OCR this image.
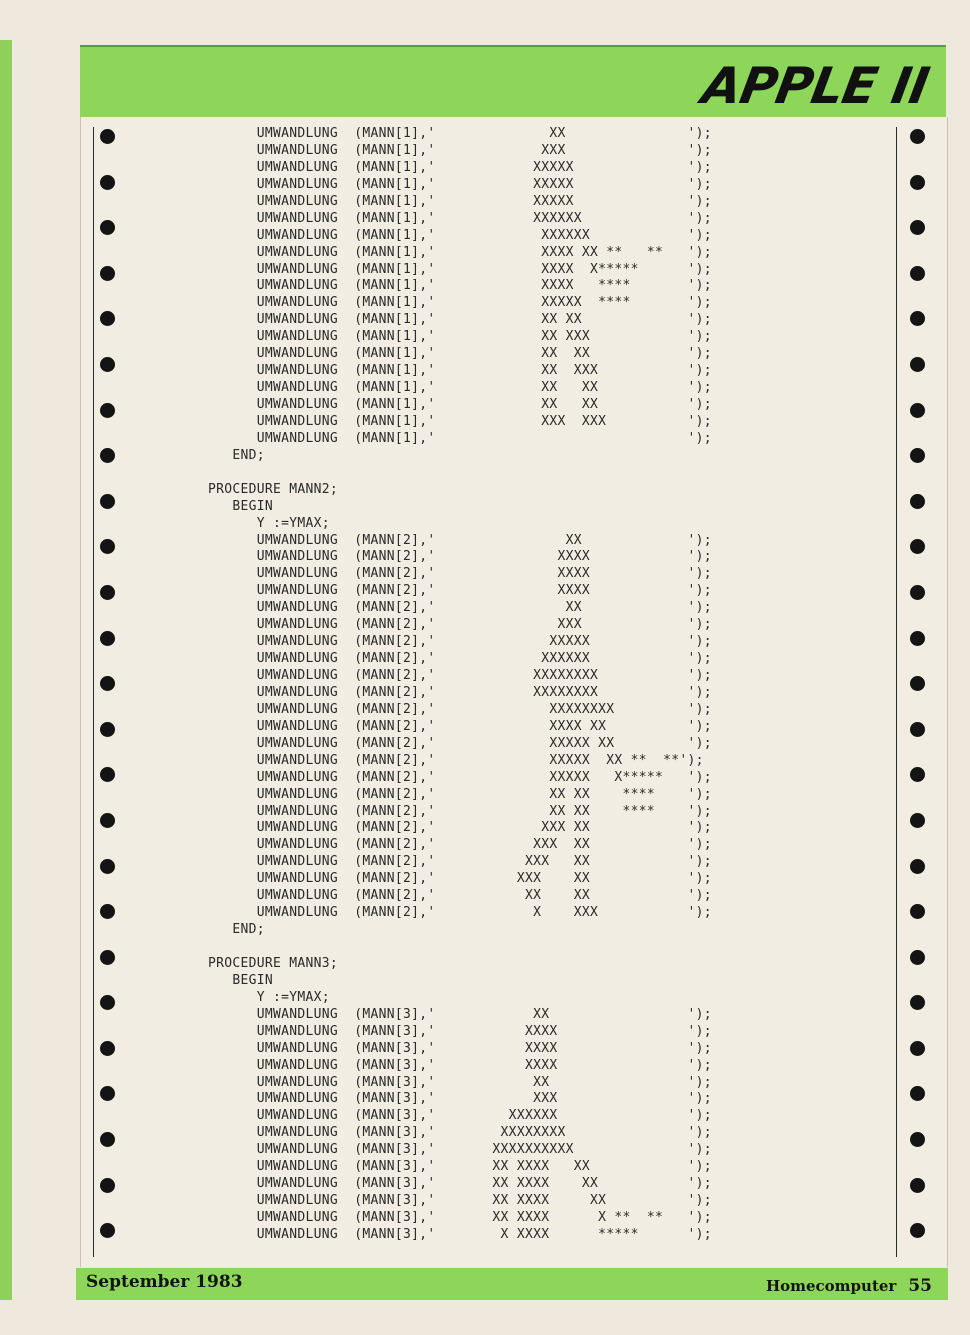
APPLE II
UMWANDLUNG  (MANN[1],'              XX               ');
UMWANDLUNG  (MANN[1],'             XXX               ');
UMWANDLUNG  (MANN[1],'            XXXXX              ');
UMWANDLUNG  (MANN[1],'            XXXXX              ');
UMWANDLUNG  (MANN[1],'            XXXXX              ');
UMWANDLUNG  (MANN[1],'            XXXXXX             ');
UMWANDLUNG  (MANN[1],'             XXXXXX            ');
UMWANDLUNG  (MANN[1],'             XXXX XX **   **   ');
UMWANDLUNG  (MANN[1],'             XXXX  X*****      ');
UMWANDLUNG  (MANN[1],'             XXXX   ****       ');
UMWANDLUNG  (MANN[1],'             XXXXX  ****       ');
UMWANDLUNG  (MANN[1],'             XX XX             ');
UMWANDLUNG  (MANN[1],'             XX XXX            ');
UMWANDLUNG  (MANN[1],'             XX  XX            ');
UMWANDLUNG  (MANN[1],'             XX  XXX           ');
UMWANDLUNG  (MANN[1],'             XX   XX           ');
UMWANDLUNG  (MANN[1],'             XX   XX           ');
UMWANDLUNG  (MANN[1],'             XXX  XXX          ');
UMWANDLUNG  (MANN[1],'                               ');
END;
PROCEDURE MANN2;
BEGIN
Y :=YMAX;
UMWANDLUNG  (MANN[2],'                XX             ');
UMWANDLUNG  (MANN[2],'               XXXX            ');
UMWANDLUNG  (MANN[2],'               XXXX            ');
UMWANDLUNG  (MANN[2],'               XXXX            ');
UMWANDLUNG  (MANN[2],'                XX             ');
UMWANDLUNG  (MANN[2],'               XXX             ');
UMWANDLUNG  (MANN[2],'              XXXXX            ');
UMWANDLUNG  (MANN[2],'             XXXXXX            ');
UMWANDLUNG  (MANN[2],'            XXXXXXXX           ');
UMWANDLUNG  (MANN[2],'            XXXXXXXX           ');
UMWANDLUNG  (MANN[2],'              XXXXXXXX         ');
UMWANDLUNG  (MANN[2],'              XXXX XX          ');
UMWANDLUNG  (MANN[2],'              XXXXX XX         ');
UMWANDLUNG  (MANN[2],'              XXXXX  XX **  **');
UMWANDLUNG  (MANN[2],'              XXXXX   X*****   ');
UMWANDLUNG  (MANN[2],'              XX XX    ****    ');
UMWANDLUNG  (MANN[2],'              XX XX    ****    ');
UMWANDLUNG  (MANN[2],'             XXX XX            ');
UMWANDLUNG  (MANN[2],'            XXX  XX            ');
UMWANDLUNG  (MANN[2],'           XXX   XX            ');
UMWANDLUNG  (MANN[2],'          XXX    XX            ');
UMWANDLUNG  (MANN[2],'           XX    XX            ');
UMWANDLUNG  (MANN[2],'            X    XXX           ');
END;
PROCEDURE MANN3;
BEGIN
Y :=YMAX;
UMWANDLUNG  (MANN[3],'            XX                 ');
UMWANDLUNG  (MANN[3],'           XXXX                ');
UMWANDLUNG  (MANN[3],'           XXXX                ');
UMWANDLUNG  (MANN[3],'           XXXX                ');
UMWANDLUNG  (MANN[3],'            XX                 ');
UMWANDLUNG  (MANN[3],'            XXX                ');
UMWANDLUNG  (MANN[3],'         XXXXXX                ');
UMWANDLUNG  (MANN[3],'        XXXXXXXX               ');
UMWANDLUNG  (MANN[3],'       XXXXXXXXXX              ');
UMWANDLUNG  (MANN[3],'       XX XXXX   XX            ');
UMWANDLUNG  (MANN[3],'       XX XXXX    XX           ');
UMWANDLUNG  (MANN[3],'       XX XXXX     XX          ');
UMWANDLUNG  (MANN[3],'       XX XXXX      X **  **   ');
UMWANDLUNG  (MANN[3],'        X XXXX      *****      ');
September 1983	Homecomputer 55
